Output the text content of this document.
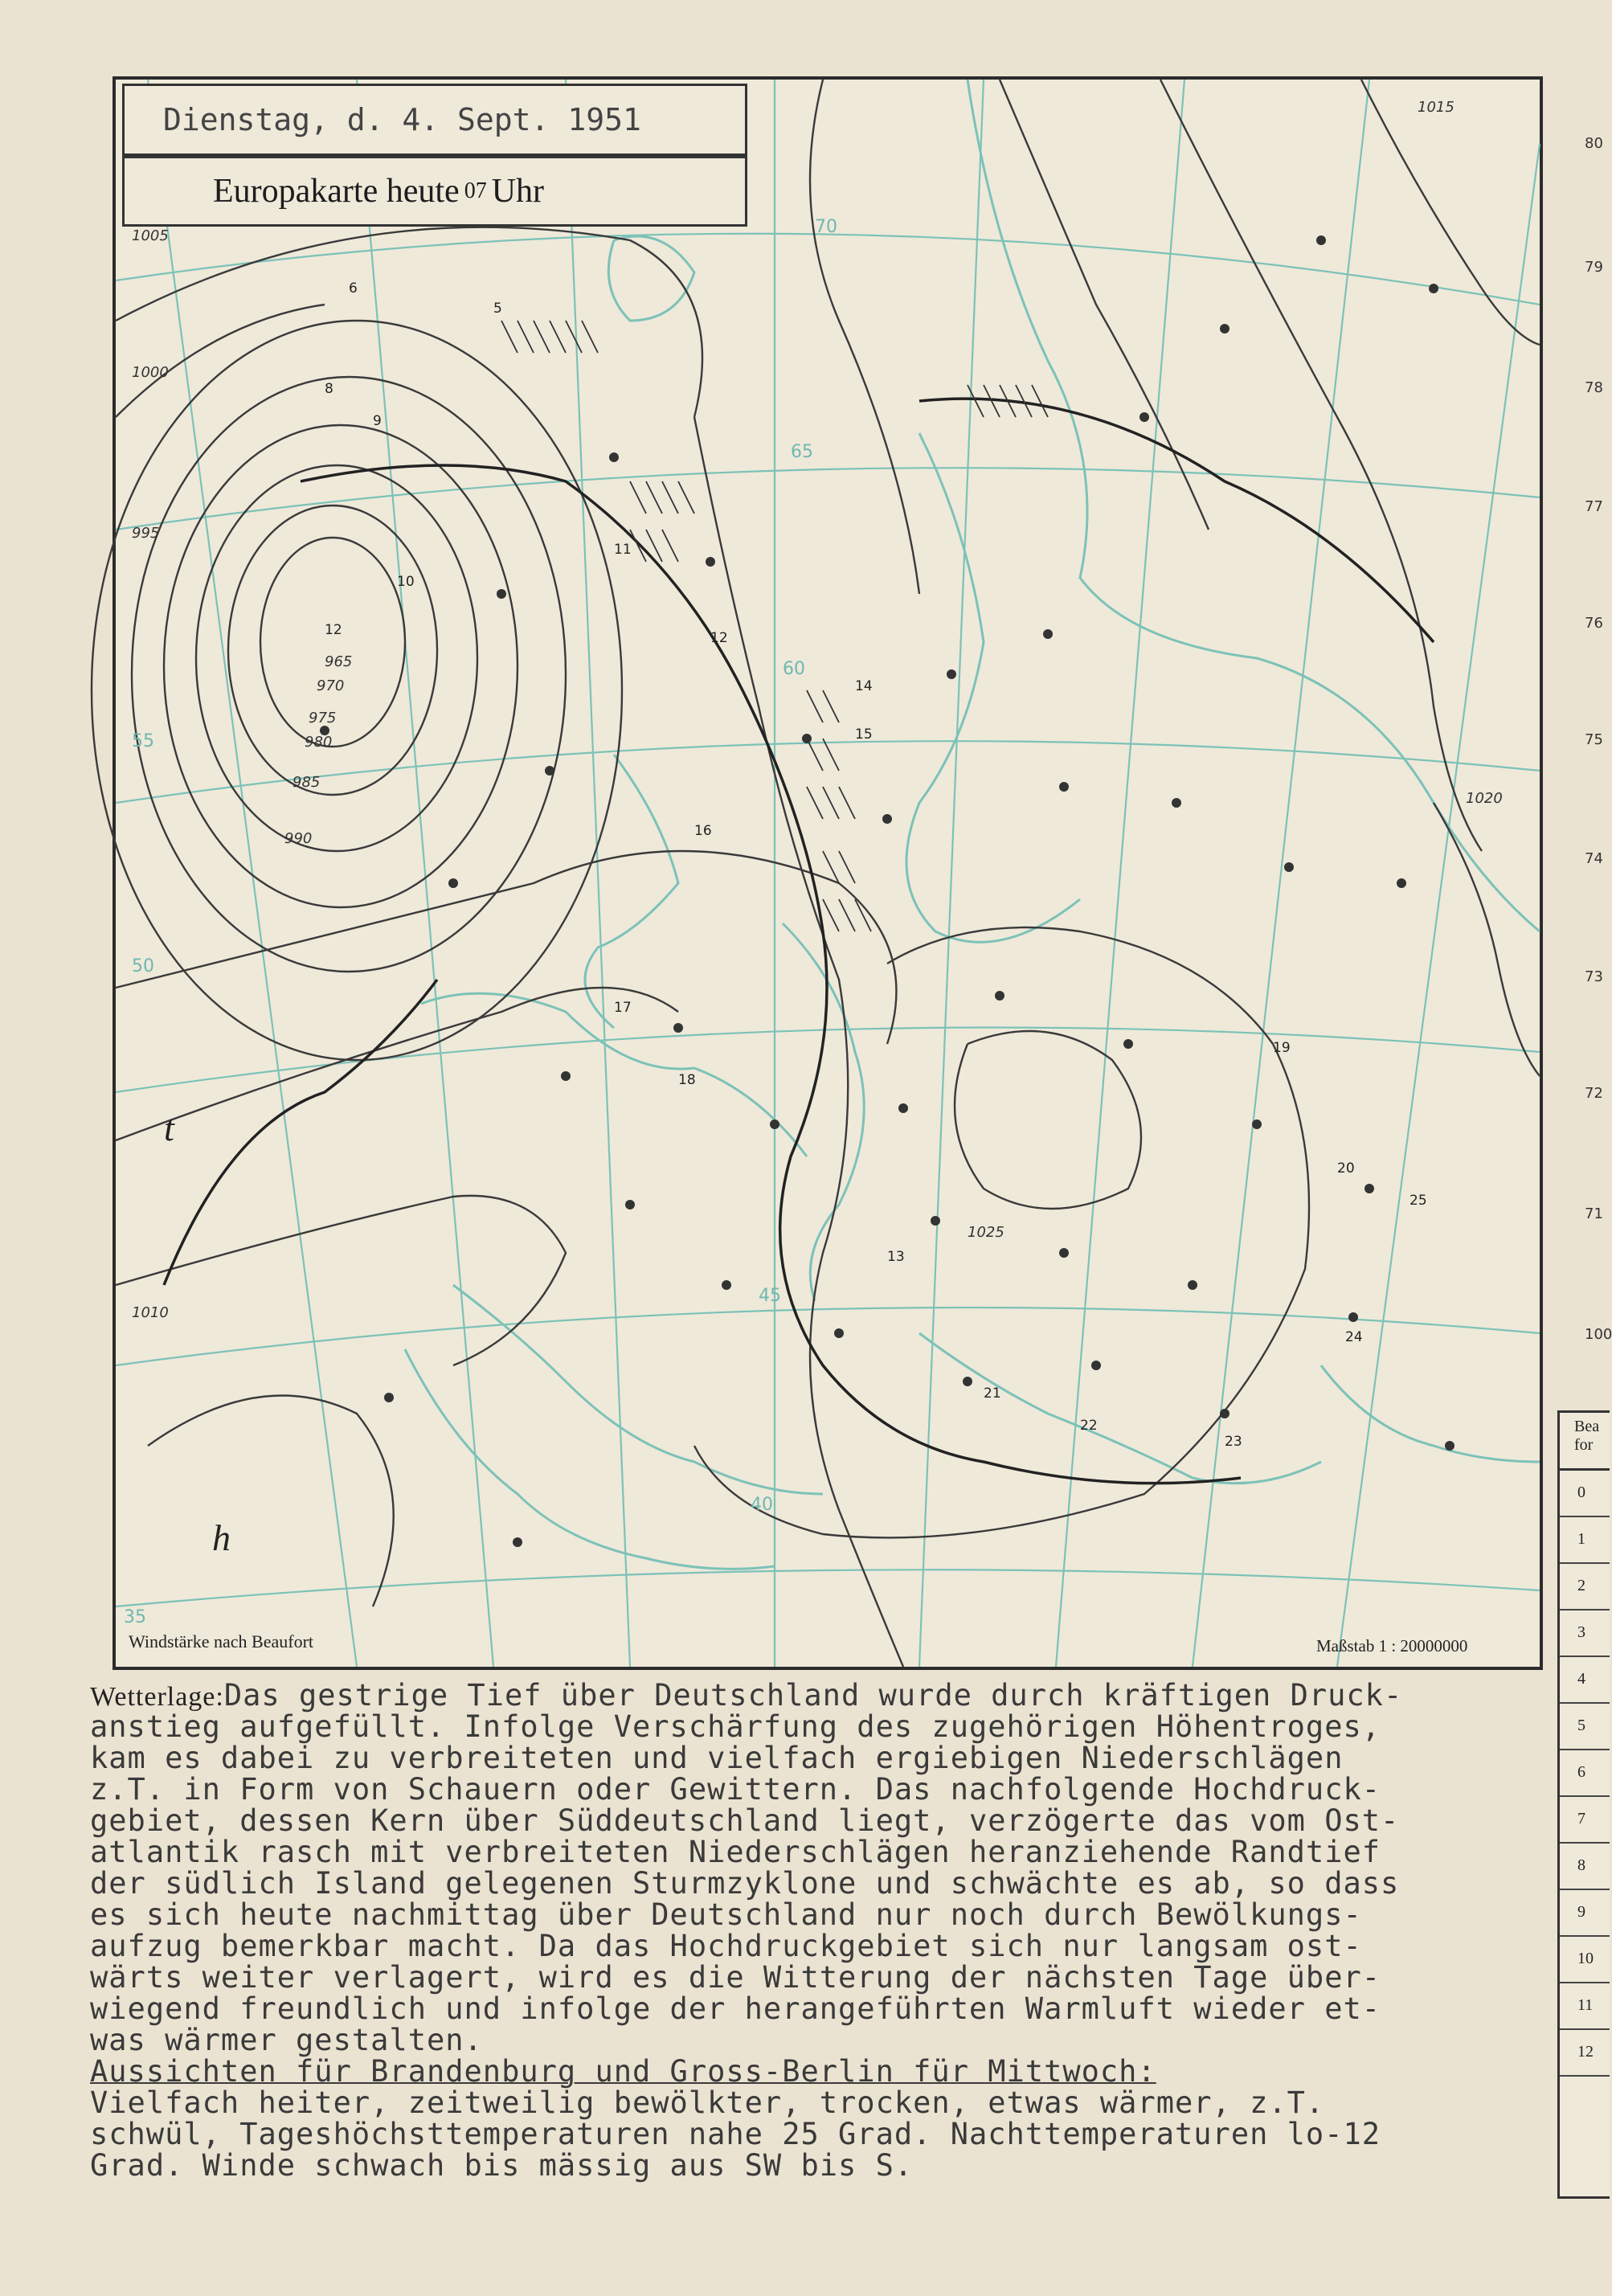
1005
1000
995
990
985
980
975
970
965
1010
1015
1020
1025
70
65
60
55
50
45
40
35
t
h
6
5
8
9
10
11
12	12
13
14
15
16
17
18
19
20
21
22
23
24
25
Dienstag, d. 4. Sept. 1951
Europakarte heute 07 Uhr
Windstärke nach Beaufort	Maßstab 1 : 20000000
80
79
78
77
76
75
74
73
72
71
100
Bea for
0
1
2
3
4
5
6
7
8
9
10
11
12
Wetterlage:Das gestrige Tief über Deutschland wurde durch kräftigen Druck-
anstieg aufgefüllt. Infolge Verschärfung des zugehörigen Höhentroges,
kam es dabei zu verbreiteten und vielfach ergiebigen Niederschlägen
z.T. in Form von Schauern oder Gewittern. Das nachfolgende Hochdruck-
gebiet, dessen Kern über Süddeutschland liegt, verzögerte das vom Ost-
atlantik rasch mit verbreiteten Niederschlägen heranziehende Randtief
der südlich Island gelegenen Sturmzyklone und schwächte es ab, so dass
es sich heute nachmittag über Deutschland nur noch durch Bewölkungs-
aufzug bemerkbar macht. Da das Hochdruckgebiet sich nur langsam ost-
wärts weiter verlagert, wird es die Witterung der nächsten Tage über-
wiegend freundlich und infolge der herangeführten Warmluft wieder et-
was wärmer gestalten.
Aussichten für Brandenburg und Gross-Berlin für Mittwoch:
Vielfach heiter, zeitweilig bewölkter, trocken, etwas wärmer, z.T.
schwül, Tageshöchsttemperaturen nahe 25 Grad. Nachttemperaturen lo-12
Grad. Winde schwach bis mässig aus SW bis S.
